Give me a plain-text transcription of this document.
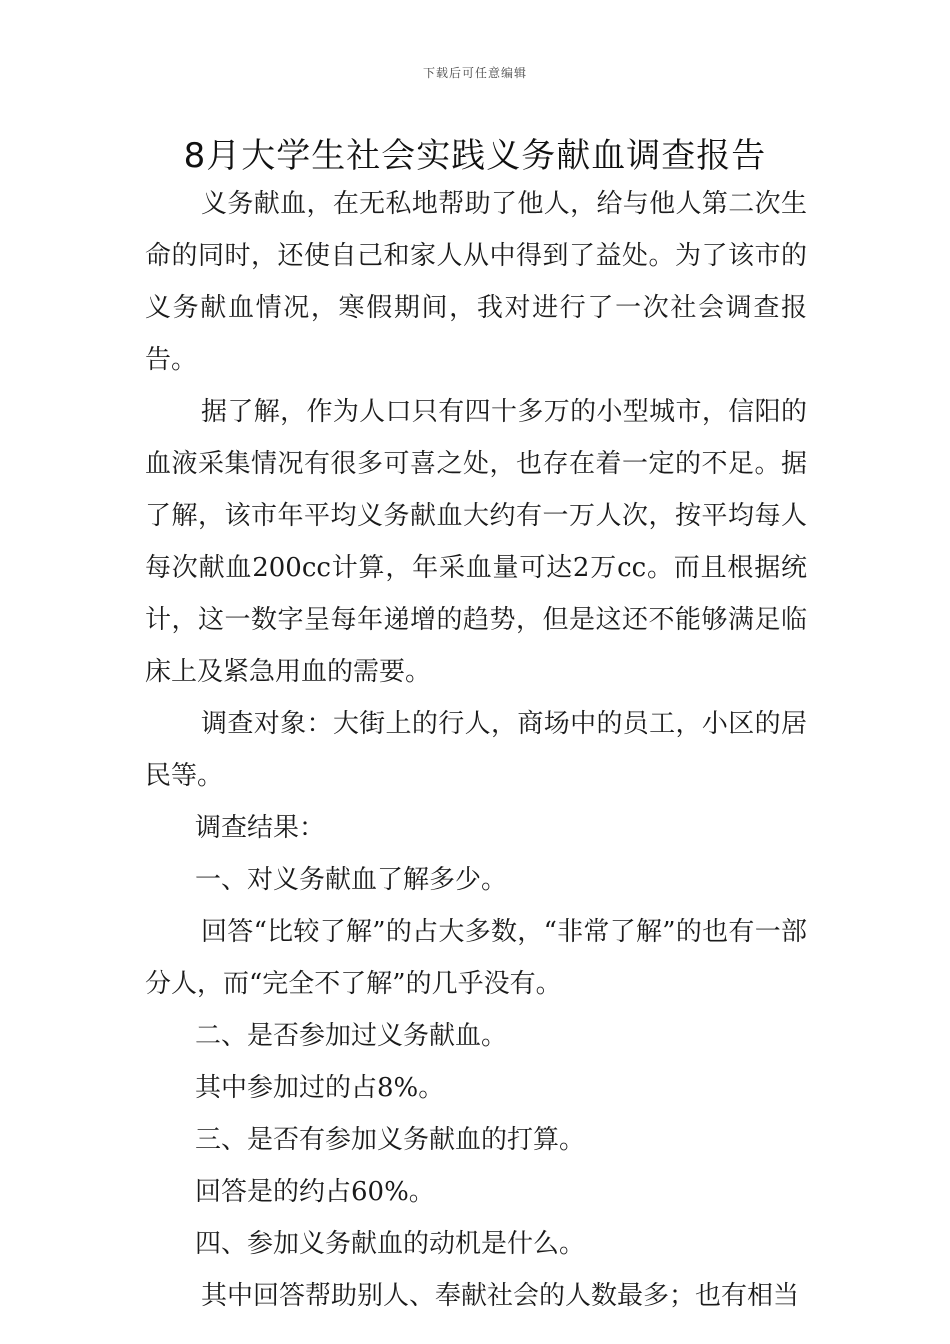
下载后可任意编辑
8月大学生社会实践义务献血调查报告

义务献血，在无私地帮助了他人，给与他人第二次生命的同时，还使自己和家人从中得到了益处。为了该市的义务献血情况，寒假期间，我对进行了一次社会调查报告。

据了解，作为人口只有四十多万的小型城市，信阳的血液采集情况有很多可喜之处，也存在着一定的不足。据了解，该市年平均义务献血大约有一万人次，按平均每人每次献血200cc计算，年采血量可达2万cc。而且根据统计，这一数字呈每年递增的趋势，但是这还不能够满足临床上及紧急用血的需要。

调查对象：大街上的行人，商场中的员工，小区的居民等。

调查结果：

一、对义务献血了解多少。

回答“比较了解”的占大多数，“非常了解”的也有一部分人，而“完全不了解”的几乎没有。

二、是否参加过义务献血。

其中参加过的占8%。

三、是否有参加义务献血的打算。

回答是的约占60%。

四、参加义务献血的动机是什么。

其中回答帮助别人、奉献社会的人数最多；也有相当
